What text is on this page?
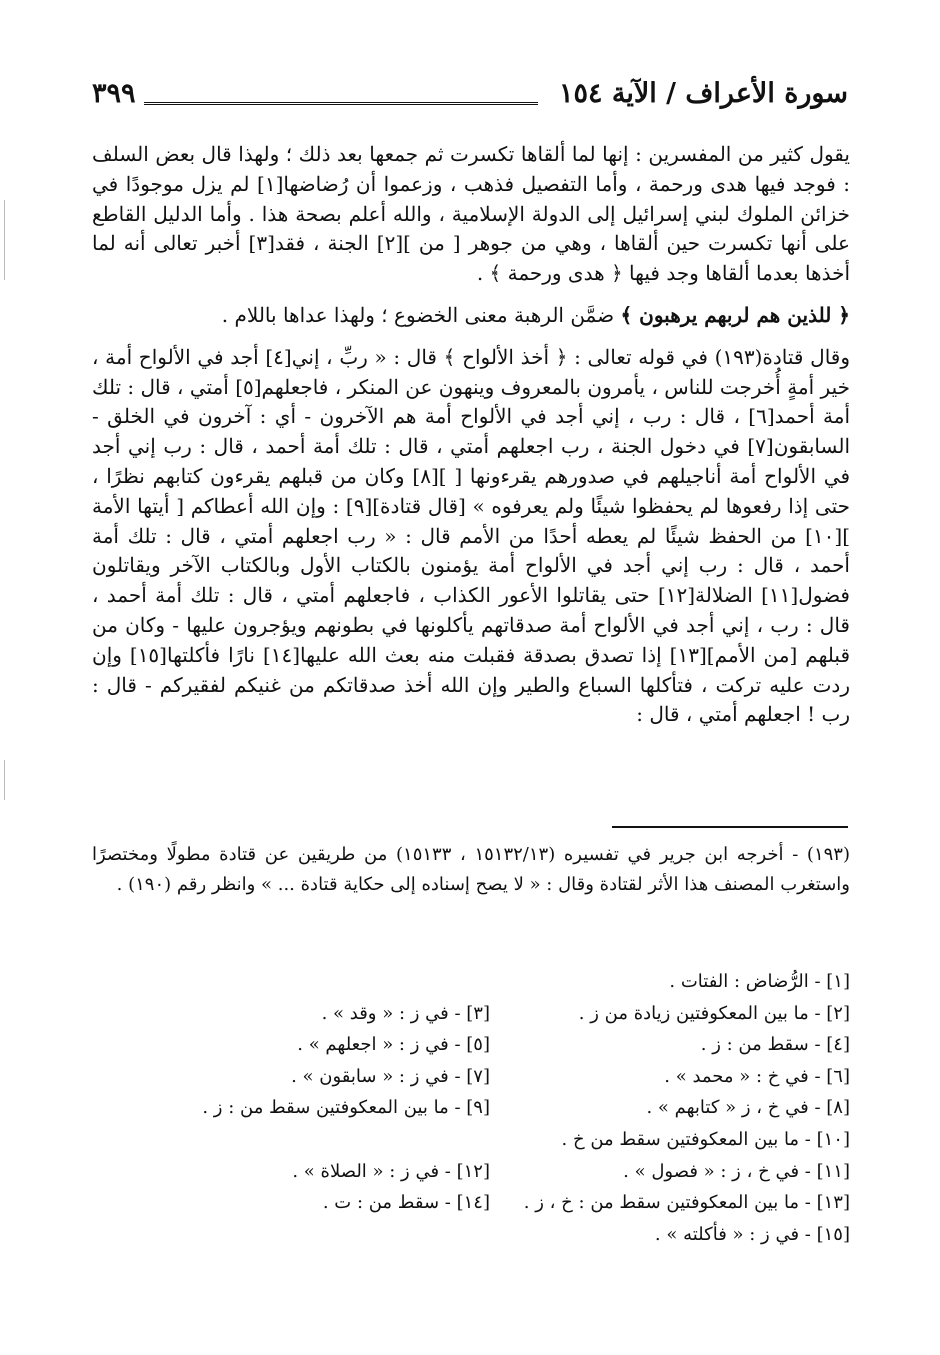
سورة الأعراف / الآية ١٥٤
٣٩٩

يقول كثير من المفسرين : إنها لما ألقاها تكسرت ثم جمعها بعد ذلك ؛ ولهذا قال بعض السلف : فوجد فيها هدى ورحمة ، وأما التفصيل فذهب ، وزعموا أن رُضاضها[١] لم يزل موجودًا في خزائن الملوك لبني إسرائيل إلى الدولة الإسلامية ، والله أعلم بصحة هذا . وأما الدليل القاطع على أنها تكسرت حين ألقاها ، وهي من جوهر [ من ][٢] الجنة ، فقد[٣] أخبر تعالى أنه لما أخذها بعدما ألقاها وجد فيها ﴿ هدى ورحمة ﴾ .

﴿ للذين هم لربهم يرهبون ﴾ ضمَّن الرهبة معنى الخضوع ؛ ولهذا عداها باللام .

وقال قتادة(١٩٣) في قوله تعالى : ﴿ أخذ الألواح ﴾ قال : « ربِّ ، إني[٤] أجد في الألواح أمة ، خير أمةٍ أُخرجت للناس ، يأمرون بالمعروف وينهون عن المنكر ، فاجعلهم[٥] أمتي ، قال : تلك أمة أحمد[٦] ، قال : رب ، إني أجد في الألواح أمة هم الآخرون - أي : آخرون في الخلق - السابقون[٧] في دخول الجنة ، رب اجعلهم أمتي ، قال : تلك أمة أحمد ، قال : رب إني أجد في الألواح أمة أناجيلهم في صدورهم يقرءونها [ ][٨] وكان من قبلهم يقرءون كتابهم نظرًا ، حتى إذا رفعوها لم يحفظوا شيئًا ولم يعرفوه » [قال قتادة][٩] : وإن الله أعطاكم [ أيتها الأمة ][١٠] من الحفظ شيئًا لم يعطه أحدًا من الأمم قال : « رب اجعلهم أمتي ، قال : تلك أمة أحمد ، قال : رب إني أجد في الألواح أمة يؤمنون بالكتاب الأول وبالكتاب الآخر ويقاتلون فضول[١١] الضلالة[١٢] حتى يقاتلوا الأعور الكذاب ، فاجعلهم أمتي ، قال : تلك أمة أحمد ، قال : رب ، إني أجد في الألواح أمة صدقاتهم يأكلونها في بطونهم ويؤجرون عليها - وكان من قبلهم [من الأمم][١٣] إذا تصدق بصدقة فقبلت منه بعث الله عليها[١٤] نارًا فأكلتها[١٥] وإن ردت عليه تركت ، فتأكلها السباع والطير وإن الله أخذ صدقاتكم من غنيكم لفقيركم - قال : رب ! اجعلهم أمتي ، قال :

(١٩٣) - أخرجه ابن جرير في تفسيره (١٥١٣٢/١٣ ، ١٥١٣٣) من طريقين عن قتادة مطولًا ومختصرًا واستغرب المصنف هذا الأثر لقتادة وقال : « لا يصح إسناده إلى حكاية قتادة ... » وانظر رقم (١٩٠) .
[١] - الرُّضاض : الفتات .
[٢] - ما بين المعكوفتين زيادة من ز .
[٣] - في ز : « وقد » .
[٤] - سقط من : ز .
[٥] - في ز : « اجعلهم » .
[٦] - في خ : « محمد » .
[٧] - في ز : « سابقون » .
[٨] - في خ ، ز « كتابهم » .
[٩] - ما بين المعكوفتين سقط من : ز .
[١٠] - ما بين المعكوفتين سقط من خ .
[١١] - في خ ، ز : « فصول » .
[١٢] - في ز : « الصلاة » .
[١٣] - ما بين المعكوفتين سقط من : خ ، ز .
[١٤] - سقط من : ت .
[١٥] - في ز : « فأكلته » .
